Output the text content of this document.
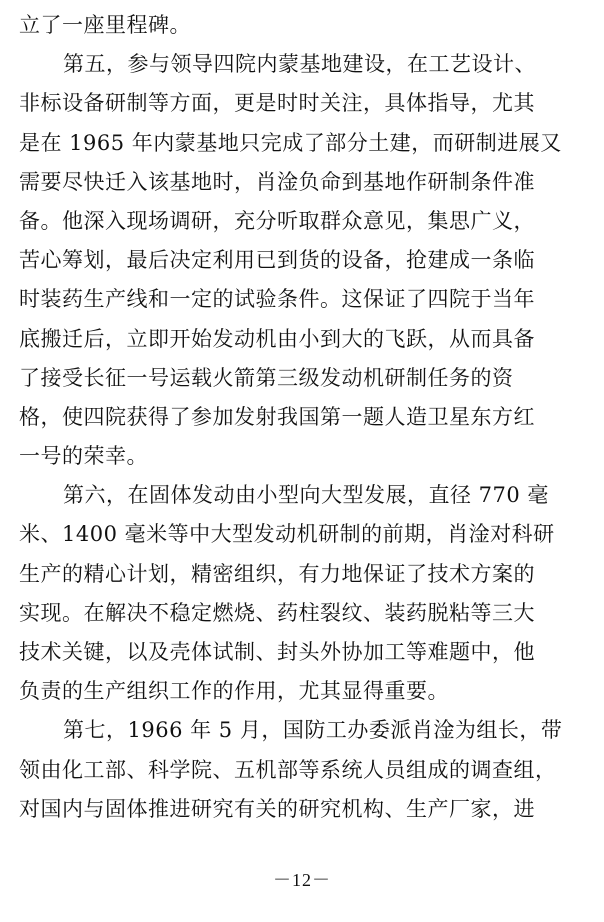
立了一座里程碑。
第五，参与领导四院内蒙基地建设，在工艺设计、
非标设备研制等方面，更是时时关注，具体指导，尤其
是在 1965 年内蒙基地只完成了部分土建，而研制进展又
需要尽快迁入该基地时，肖淦负命到基地作研制条件准
备。他深入现场调研，充分听取群众意见，集思广义，
苦心筹划，最后决定利用已到货的设备，抢建成一条临
时装药生产线和一定的试验条件。这保证了四院于当年
底搬迁后，立即开始发动机由小到大的飞跃，从而具备
了接受长征一号运载火箭第三级发动机研制任务的资
格，使四院获得了参加发射我国第一题人造卫星东方红
一号的荣幸。
第六，在固体发动由小型向大型发展，直径 770 毫
米、1400 毫米等中大型发动机研制的前期，肖淦对科研
生产的精心计划，精密组织，有力地保证了技术方案的
实现。在解决不稳定燃烧、药柱裂纹、装药脱粘等三大
技术关键，以及壳体试制、封头外协加工等难题中，他
负责的生产组织工作的作用，尤其显得重要。
第七，1966 年 5 月，国防工办委派肖淦为组长，带
领由化工部、科学院、五机部等系统人员组成的调查组，
对国内与固体推进研究有关的研究机构、生产厂家，进
－12－
